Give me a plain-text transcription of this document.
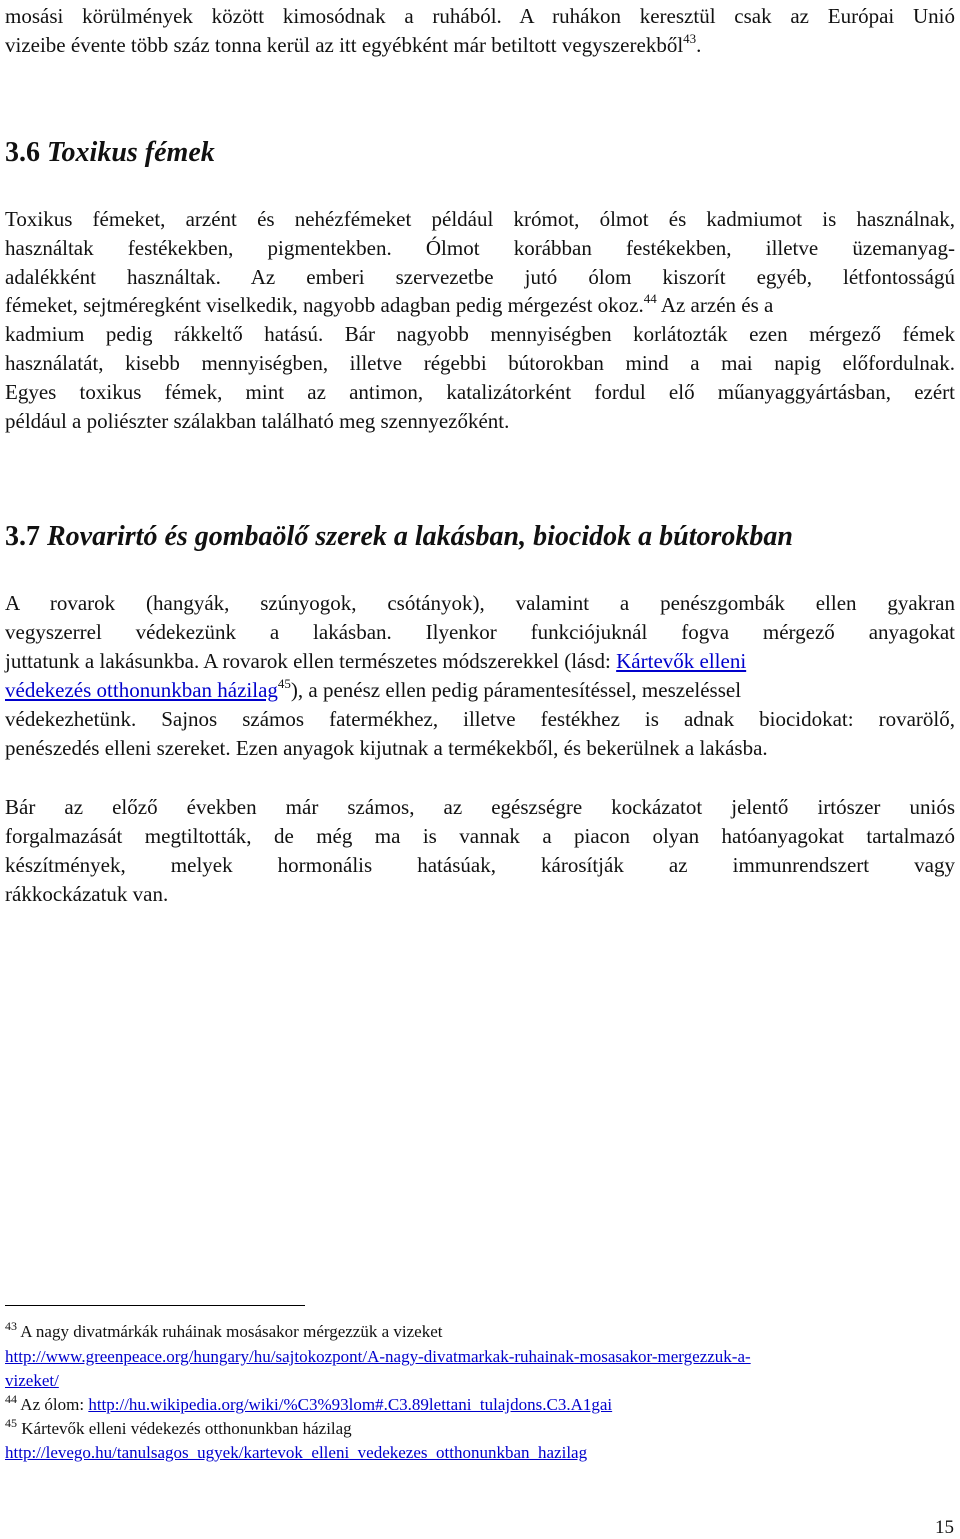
mosási körülmények között kimosódnak a ruhából. A ruhákon keresztül csak az Európai Unió
vizeibe évente több száz tonna kerül az itt egyébként már betiltott vegyszerekből$^{43}$.
3.6 Toxikus fémek
Toxikus fémeket, arzént és nehézfémeket például krómot, ólmot és kadmiumot is használnak,
használtak festékekben, pigmentekben. Ólmot korábban festékekben, illetve üzemanyag-
adalékként használtak. Az emberi szervezetbe jutó ólom kiszorít egyéb, létfontosságú
fémeket, sejtméregként viselkedik, nagyobb adagban pedig mérgezést okoz.$^{44}$ Az arzén és a
kadmium pedig rákkeltő hatású. Bár nagyobb mennyiségben korlátozták ezen mérgező fémek
használatát, kisebb mennyiségben, illetve régebbi bútorokban mind a mai napig előfordulnak.
Egyes toxikus fémek, mint az antimon, katalizátorként fordul elő műanyaggyártásban, ezért
például a poliészter szálakban található meg szennyezőként.
3.7 Rovarirtó és gombaölő szerek a lakásban, biocidok a bútorokban
A rovarok (hangyák, szúnyogok, csótányok), valamint a penészgombák ellen gyakran
vegyszerrel védekezünk a lakásban. Ilyenkor funkciójuknál fogva mérgező anyagokat
juttatunk a lakásunkba. A rovarok ellen természetes módszerekkel (lásd: Kártevők elleni
védekezés otthonunkban házilag$^{45}$), a penész ellen pedig páramentesítéssel, meszeléssel
védekezhetünk. Sajnos számos fatermékhez, illetve festékhez is adnak biocidokat: rovarölő,
penészedés elleni szereket. Ezen anyagok kijutnak a termékekből, és bekerülnek a lakásba.
Bár az előző években már számos, az egészségre kockázatot jelentő irtószer uniós
forgalmazását megtiltották, de még ma is vannak a piacon olyan hatóanyagokat tartalmazó
készítmények, melyek hormonális hatásúak, károsítják az immunrendszert vagy
rákkockázatuk van.
$^{43}$ A nagy divatmárkák ruháinak mosásakor mérgezzük a vizeket
http://www.greenpeace.org/hungary/hu/sajtokozpont/A-nagy-divatmarkak-ruhainak-mosasakor-mergezzuk-a-
vizeket/
$^{44}$ Az ólom: http://hu.wikipedia.org/wiki/%C3%93lom#.C3.89lettani_tulajdons.C3.A1gai
$^{45}$ Kártevők elleni védekezés otthonunkban házilag
http://levego.hu/tanulsagos_ugyek/kartevok_elleni_vedekezes_otthonunkban_hazilag
15
